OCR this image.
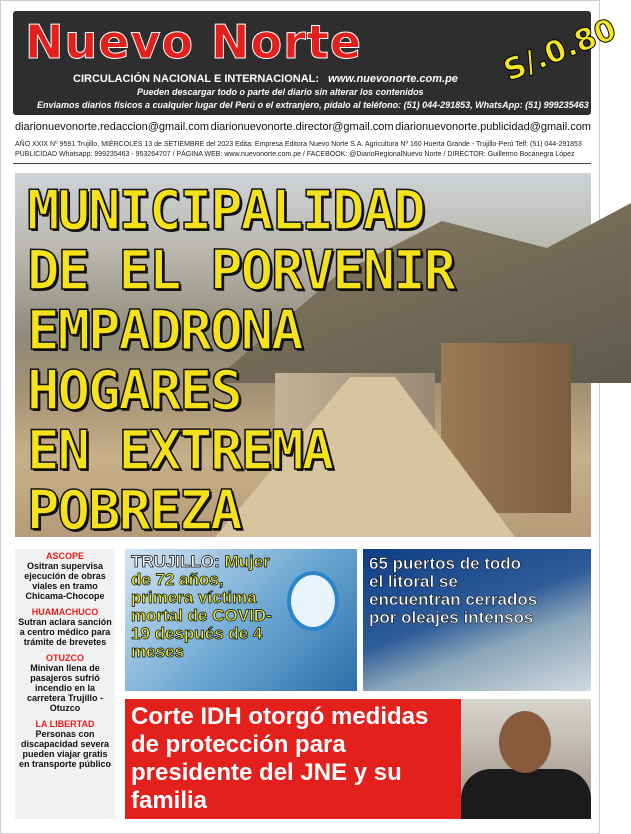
Nuevo Norte	S/.0.80
CIRCULACIÓN NACIONAL E INTERNACIONAL: www.nuevonorte.com.pe
Pueden descargar todo o parte del diario sin alterar los contenidos
Enviamos diarios físicos a cualquier lugar del Perú o el extranjero, pídalo al teléfono: (51) 044-291853, WhatsApp: (51) 999235463
diarionuevonorte.redaccion@gmail.com diarionuevonorte.director@gmail.com diarionuevonorte.publicidad@gmail.com
AÑO XXIX Nº 9591 Trujillo, MIÉRCOLES 13 de SETIEMBRE del 2023 Edita: Empresa Editora Nuevo Norte S.A. Agricultura Nº 160 Huerta Grande - Trujillo-Perú Telf: (51) 044-291853
PUBLICIDAD Whatsapp: 999235463 - 953264707 / PÁGINA WEB: www.nuevonorte.com.pe / FACEBOOK: @DiarioRegionalNuevo Norte / DIRECTOR: Guillermo Bocanegra López
MUNICIPALIDAD
DE EL PORVENIR
EMPADRONA
HOGARES
EN EXTREMA
POBREZA
ASCOPE
Ositran supervisa ejecución de obras viales en tramo Chicama-Chocope
HUAMACHUCO
Sutran aclara sanción a centro médico para trámite de brevetes
OTUZCO
Minivan llena de pasajeros sufrió incendio en la carretera Trujillo - Otuzco
LA LIBERTAD
Personas con discapacidad severa pueden viajar gratis en transporte público
TRUJILLO: Mujer de 72 años, primera víctima mortal de COVID-19 después de 4 meses
65 puertos de todo el litoral se encuentran cerrados por oleajes intensos
Corte IDH otorgó medidas de protección para presidente del JNE y su familia
